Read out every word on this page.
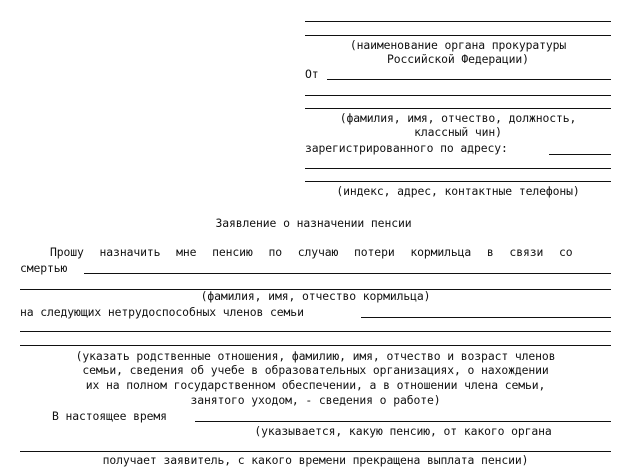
(наименование органа прокуратуры
Российской Федерации)
От
(фамилия, имя, отчество, должность,
классный чин)
зарегистрированного по адресу:
(индекс, адрес, контактные телефоны)
Заявление о назначении пенсии
Прошу назначить мне пенсию по случаю потери кормильца в связи со
смертью
(фамилия, имя, отчество кормильца)
на следующих нетрудоспособных членов семьи
(указать родственные отношения, фамилию, имя, отчество и возраст членов
семьи, сведения об учебе в образовательных организациях, о нахождении
их на полном государственном обеспечении, а в отношении члена семьи,
занятого уходом, - сведения о работе)
В настоящее время
(указывается, какую пенсию, от какого органа
получает заявитель, с какого времени прекращена выплата пенсии)
